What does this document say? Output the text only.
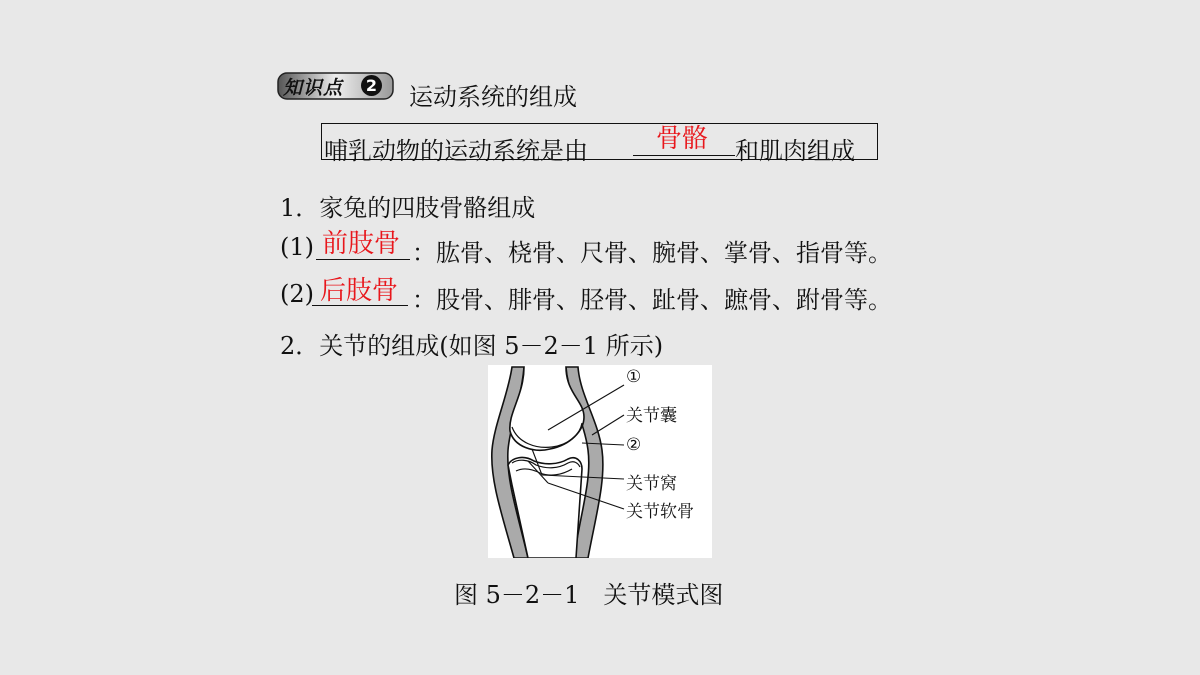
知识点	2 运动系统的组成
哺乳动物的运动系统是由	骨骼 和肌肉组成
1．家兔的四肢骨骼组成
(1) 前肢骨 ：肱骨、桡骨、尺骨、腕骨、掌骨、指骨等。
(2) 后肢骨 ：股骨、腓骨、胫骨、趾骨、蹠骨、跗骨等。
2．关节的组成(如图 5－2－1 所示)
①
关节囊
②
关节窝
关节软骨
图 5－2－1　关节模式图
